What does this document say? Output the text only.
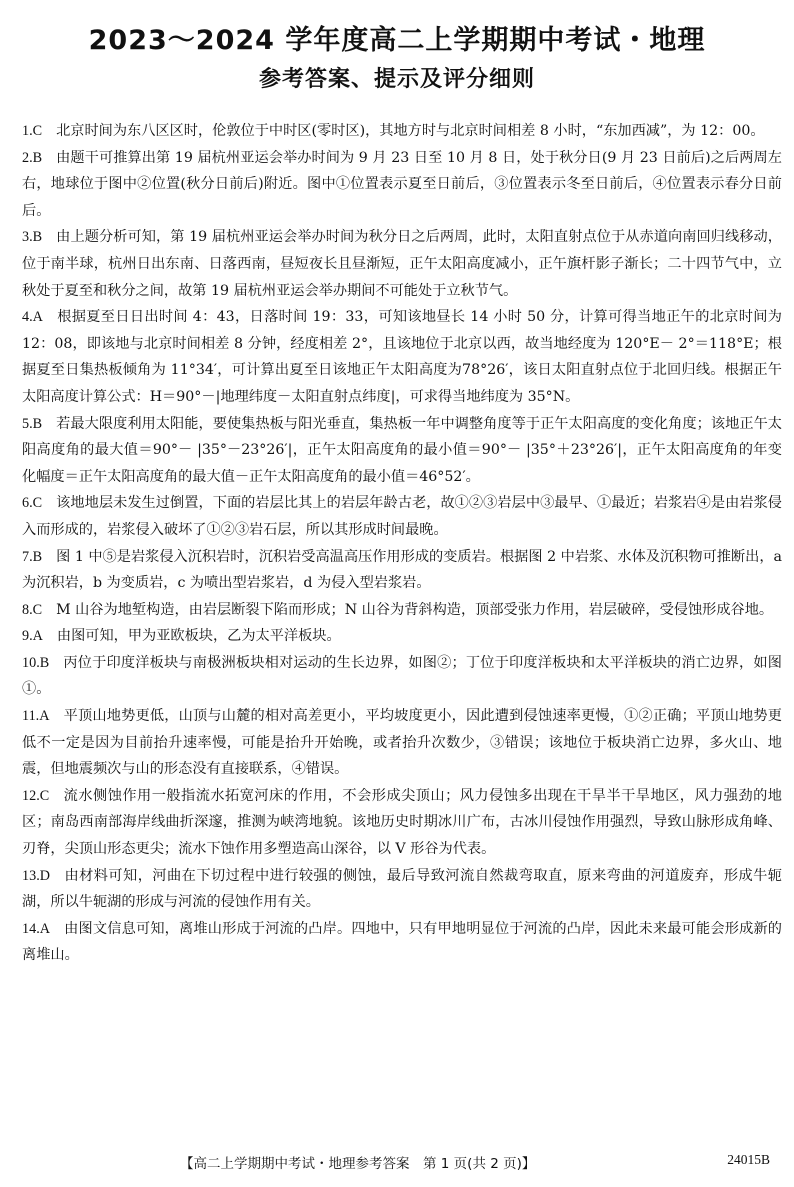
2023～2024 学年度高二上学期期中考试・地理
参考答案、提示及评分细则

1.C 北京时间为东八区区时，伦敦位于中时区(零时区)，其地方时与北京时间相差 8 小时，“东加西减”，为 12：00。

2.B 由题干可推算出第 19 届杭州亚运会举办时间为 9 月 23 日至 10 月 8 日，处于秋分日(9 月 23 日前后)之后两周左右，地球位于图中②位置(秋分日前后)附近。图中①位置表示夏至日前后，③位置表示冬至日前后，④位置表示春分日前后。

3.B 由上题分析可知，第 19 届杭州亚运会举办时间为秋分日之后两周，此时，太阳直射点位于从赤道向南回归线移动，位于南半球，杭州日出东南、日落西南，昼短夜长且昼渐短，正午太阳高度减小，正午旗杆影子渐长；二十四节气中，立秋处于夏至和秋分之间，故第 19 届杭州亚运会举办期间不可能处于立秋节气。

4.A 根据夏至日日出时间 4：43，日落时间 19：33，可知该地昼长 14 小时 50 分，计算可得当地正午的北京时间为 12：08，即该地与北京时间相差 8 分钟，经度相差 2°，且该地位于北京以西，故当地经度为 120°E－ 2°＝118°E；根据夏至日集热板倾角为 11°34′，可计算出夏至日该地正午太阳高度为78°26′，该日太阳直射点位于北回归线。根据正午太阳高度计算公式：H＝90°－|地理纬度－太阳直射点纬度|，可求得当地纬度为 35°N。

5.B 若最大限度利用太阳能，要使集热板与阳光垂直，集热板一年中调整角度等于正午太阳高度的变化角度；该地正午太阳高度角的最大值＝90°－ |35°－23°26′|，正午太阳高度角的最小值＝90°－ |35°＋23°26′|，正午太阳高度角的年变化幅度＝正午太阳高度角的最大值－正午太阳高度角的最小值＝46°52′。

6.C 该地地层未发生过倒置，下面的岩层比其上的岩层年龄古老，故①②③岩层中③最早、①最近；岩浆岩④是由岩浆侵入而形成的，岩浆侵入破坏了①②③岩石层，所以其形成时间最晚。

7.B 图 1 中⑤是岩浆侵入沉积岩时，沉积岩受高温高压作用形成的变质岩。根据图 2 中岩浆、水体及沉积物可推断出，a 为沉积岩，b 为变质岩，c 为喷出型岩浆岩，d 为侵入型岩浆岩。

8.C M 山谷为地堑构造，由岩层断裂下陷而形成；N 山谷为背斜构造，顶部受张力作用，岩层破碎，受侵蚀形成谷地。

9.A 由图可知，甲为亚欧板块，乙为太平洋板块。

10.B 丙位于印度洋板块与南极洲板块相对运动的生长边界，如图②；丁位于印度洋板块和太平洋板块的消亡边界，如图①。

11.A 平顶山地势更低，山顶与山麓的相对高差更小，平均坡度更小，因此遭到侵蚀速率更慢，①②正确；平顶山地势更低不一定是因为目前抬升速率慢，可能是抬升开始晚，或者抬升次数少，③错误；该地位于板块消亡边界，多火山、地震，但地震频次与山的形态没有直接联系，④错误。

12.C 流水侧蚀作用一般指流水拓宽河床的作用，不会形成尖顶山；风力侵蚀多出现在干旱半干旱地区，风力强劲的地区；南岛西南部海岸线曲折深邃，推测为峡湾地貌。该地历史时期冰川广布，古冰川侵蚀作用强烈，导致山脉形成角峰、刃脊，尖顶山形态更尖；流水下蚀作用多塑造高山深谷，以 V 形谷为代表。

13.D 由材料可知，河曲在下切过程中进行较强的侧蚀，最后导致河流自然裁弯取直，原来弯曲的河道废弃，形成牛轭湖，所以牛轭湖的形成与河流的侵蚀作用有关。

14.A 由图文信息可知，离堆山形成于河流的凸岸。四地中，只有甲地明显位于河流的凸岸，因此未来最可能会形成新的离堆山。

【高二上学期期中考试・地理参考答案　第 1 页(共 2 页)】	24015B
